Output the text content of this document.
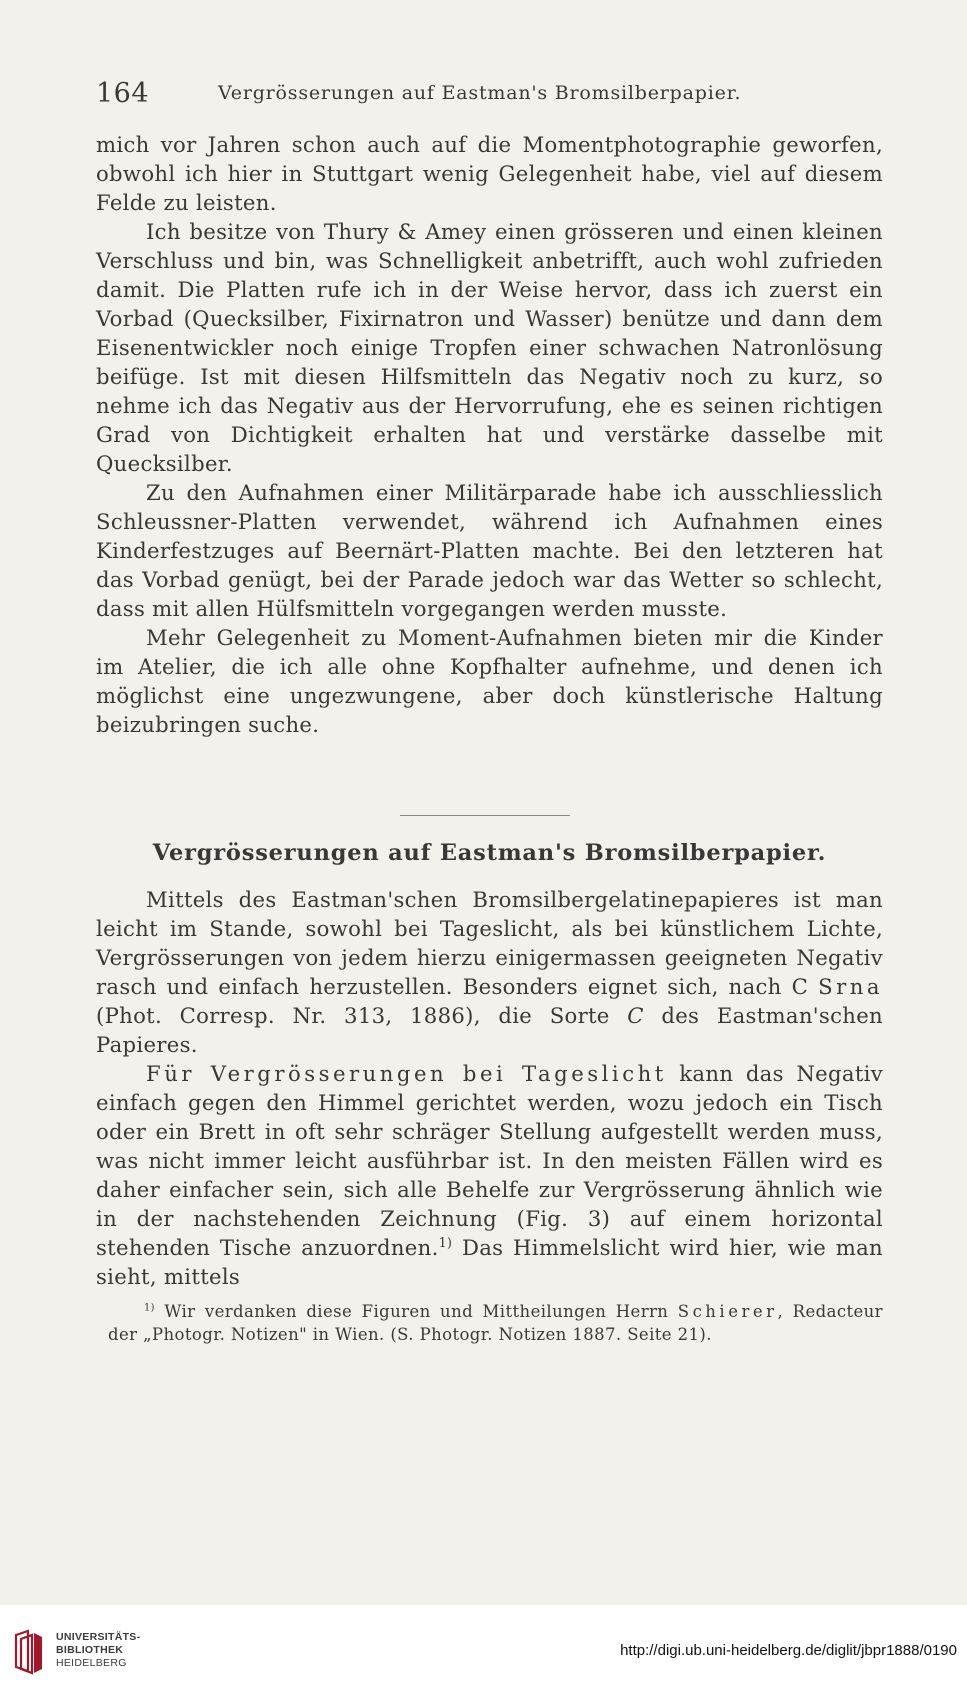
164	Vergrösserungen auf Eastman's Bromsilberpapier.

mich vor Jahren schon auch auf die Momentphotographie geworfen, obwohl ich hier in Stuttgart wenig Gelegenheit habe, viel auf diesem Felde zu leisten.

Ich besitze von Thury & Amey einen grösseren und einen kleinen Verschluss und bin, was Schnelligkeit anbetrifft, auch wohl zufrieden damit. Die Platten rufe ich in der Weise hervor, dass ich zuerst ein Vorbad (Quecksilber, Fixirnatron und Wasser) benütze und dann dem Eisenentwickler noch einige Tropfen einer schwachen Natronlösung beifüge. Ist mit diesen Hilfsmitteln das Negativ noch zu kurz, so nehme ich das Negativ aus der Hervorrufung, ehe es seinen richtigen Grad von Dichtigkeit erhalten hat und verstärke dasselbe mit Quecksilber.

Zu den Aufnahmen einer Militärparade habe ich ausschliesslich Schleussner-Platten verwendet, während ich Aufnahmen eines Kinderfestzuges auf Beernärt-Platten machte. Bei den letzteren hat das Vorbad genügt, bei der Parade jedoch war das Wetter so schlecht, dass mit allen Hülfsmitteln vorgegangen werden musste.

Mehr Gelegenheit zu Moment-Aufnahmen bieten mir die Kinder im Atelier, die ich alle ohne Kopfhalter aufnehme, und denen ich möglichst eine ungezwungene, aber doch künstlerische Haltung beizubringen suche.

Vergrösserungen auf Eastman's Bromsilberpapier.

Mittels des Eastman'schen Bromsilbergelatinepapieres ist man leicht im Stande, sowohl bei Tageslicht, als bei künstlichem Lichte, Vergrösserungen von jedem hierzu einigermassen geeigneten Negativ rasch und einfach herzustellen. Besonders eignet sich, nach C Srna (Phot. Corresp. Nr. 313, 1886), die Sorte C des Eastman'schen Papieres.

Für Vergrösserungen bei Tageslicht kann das Negativ einfach gegen den Himmel gerichtet werden, wozu jedoch ein Tisch oder ein Brett in oft sehr schräger Stellung aufgestellt werden muss, was nicht immer leicht ausführbar ist. In den meisten Fällen wird es daher einfacher sein, sich alle Behelfe zur Vergrösserung ähnlich wie in der nachstehenden Zeichnung (Fig. 3) auf einem horizontal stehenden Tische anzuordnen.$^{1)}$ Das Himmelslicht wird hier, wie man sieht, mittels

$^{1)}$ Wir verdanken diese Figuren und Mittheilungen Herrn Schierer, Redacteur der „Photogr. Notizen" in Wien. (S. Photogr. Notizen 1887. Seite 21).

UNIVERSITÄTS-
BIBLIOTHEK
HEIDELBERG
http://digi.ub.uni-heidelberg.de/diglit/jbpr1888/0190
